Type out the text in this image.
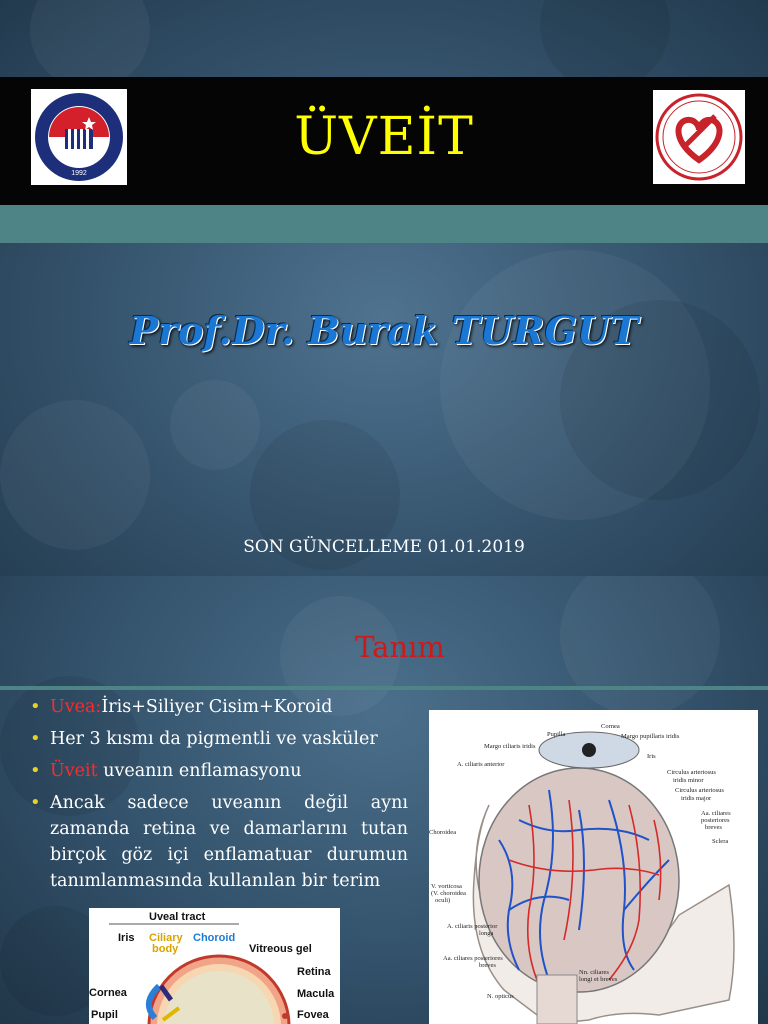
1992
ÜVEİT
Prof.Dr. Burak TURGUT
SON GÜNCELLEME 01.01.2019
Tanım
• Uvea:İris+Siliyer Cisim+Koroid
• Her 3 kısmı da pigmentli ve vasküler
• Üveit uveanın enflamasyonu
• Ancak sadece uveanın değil aynı zamanda retina ve damarlarını tutan birçok göz içi enflamatuar durumun tanımlanmasında kullanılan bir terim
Uveal tract
Iris Ciliary
body
Choroid
Vitreous gel
Retina
Macula
Fovea
Cornea
Pupil
Pupilla
Cornea
Margo pupillaris iridis
Margo ciliaris iridis
Iris
A. ciliaris anterior
Circulus arteriosus
iridis minor
Circulus arteriosus
iridis major
Aa. ciliares
posteriores
breves
Choroidea
Sclera
V. vorticosa
(V. choroidea
oculi)
A. ciliaris posterior
longa
Aa. ciliares posteriores
breves
Nn. ciliares
longi et breves
N. opticus
